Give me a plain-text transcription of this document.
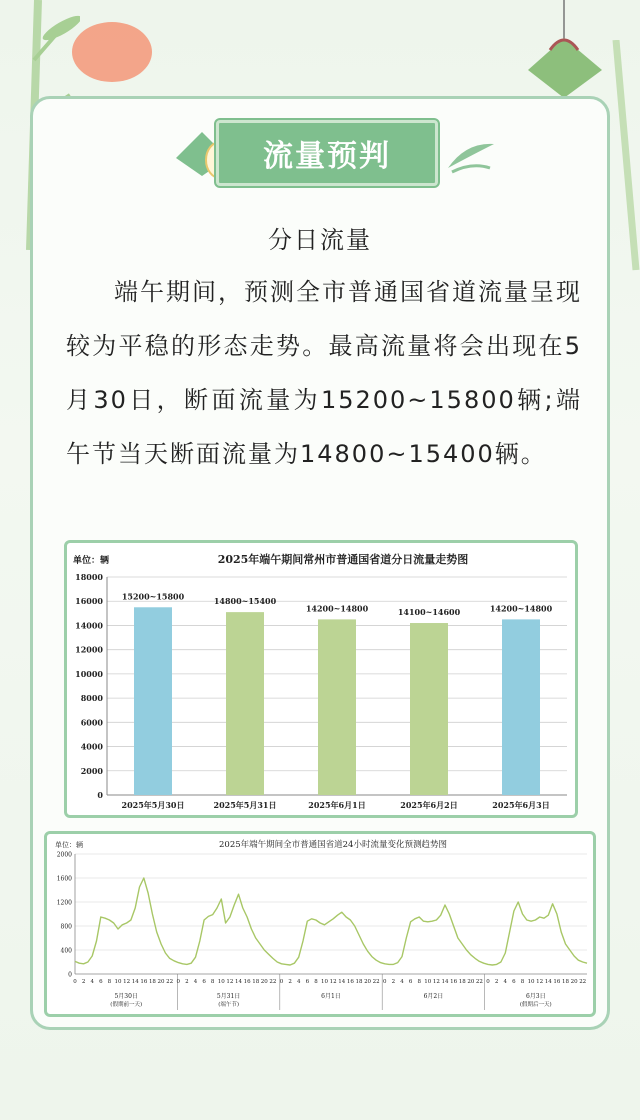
流量预判
分日流量

端午期间，预测全市普通国省道流量呈现较为平稳的形态走势。最高流量将会出现在5月30日，断面流量为15200~15800辆;端午节当天断面流量为14800~15400辆。

2025年端午期间常州市普通国省道分日流量走势图
单位：辆
0
2000
4000
6000
8000
10000
12000
14000
16000
18000
15200~15800
2025年5月30日
14800~15400
2025年5月31日
14200~14800
2025年6月1日
14100~14600
2025年6月2日
14200~14800
2025年6月3日
2025年端午期间全市普通国省道24小时流量变化预测趋势图
单位：辆
0
400
800
1200
1600
2000
0 2 4 6 8 10 12 14 16 18 20 22
5月30日
(假期前一天)
0 2 4 6 8 10 12 14 16 18 20 22
5月31日
(端午节)
0 2 4 6 8 10 12 14 16 18 20 22
6月1日
0 2 4 6 8 10 12 14 16 18 20 22
6月2日
0 2 4 6 8 10 12 14 16 18 20 22
6月3日
(假期后一天)
